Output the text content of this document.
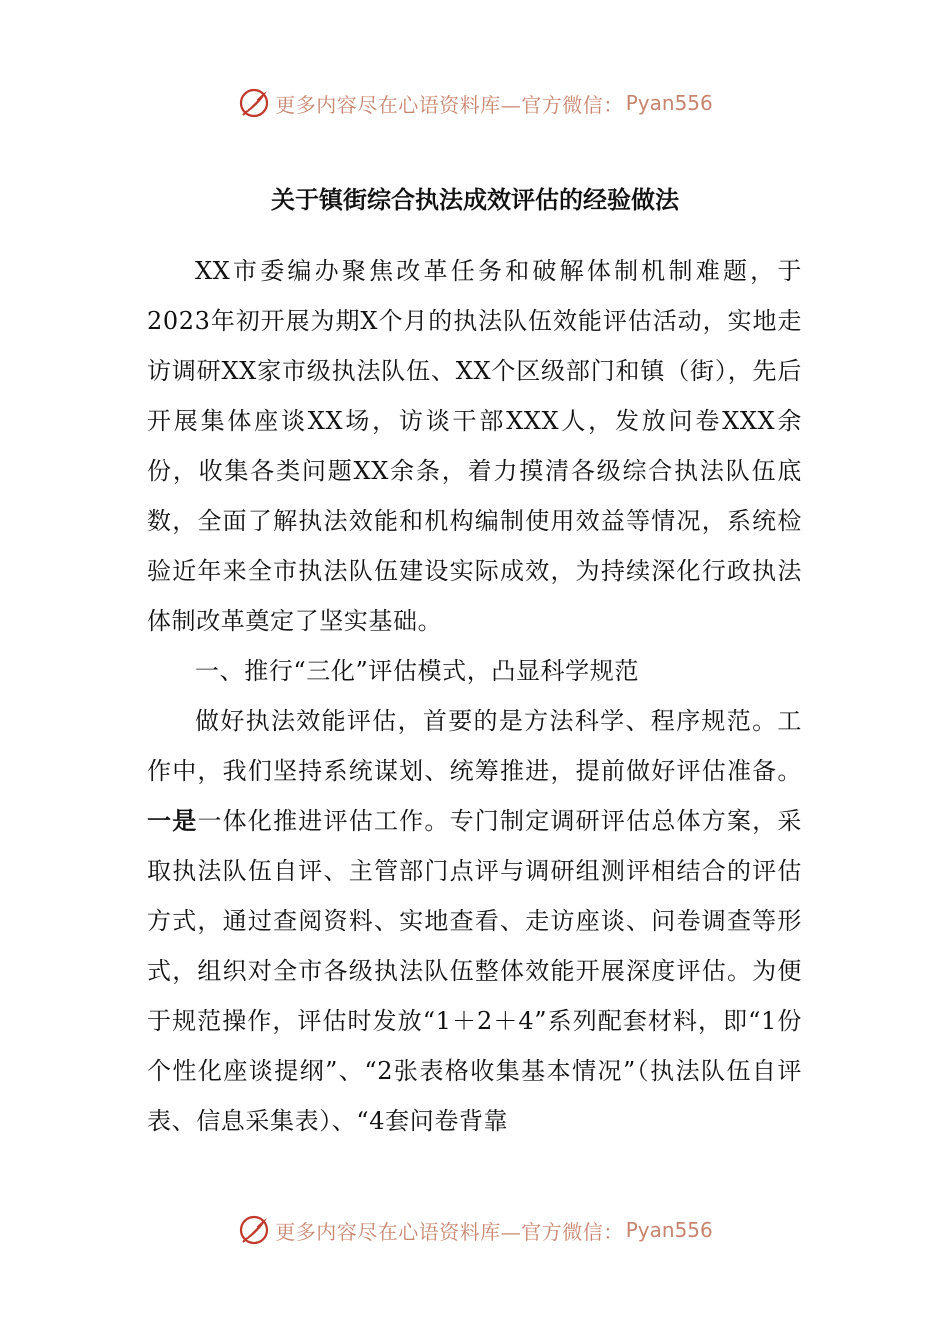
更多内容尽在心语资料库—官方微信： Pyan556
关于镇街综合执法成效评估的经验做法

XX市委编办聚焦改革任务和破解体制机制难题，于2023年初开展为期X个月的执法队伍效能评估活动，实地走访调研XX家市级执法队伍、XX个区级部门和镇（街），先后开展集体座谈XX场，访谈干部XXX人，发放问卷XXX余份，收集各类问题XX余条，着力摸清各级综合执法队伍底数，全面了解执法效能和机构编制使用效益等情况，系统检验近年来全市执法队伍建设实际成效，为持续深化行政执法体制改革奠定了坚实基础。

一、推行“三化”评估模式，凸显科学规范

做好执法效能评估，首要的是方法科学、程序规范。工作中，我们坚持系统谋划、统筹推进，提前做好评估准备。一是一体化推进评估工作。专门制定调研评估总体方案，采取执法队伍自评、主管部门点评与调研组测评相结合的评估方式，通过查阅资料、实地查看、走访座谈、问卷调查等形式，组织对全市各级执法队伍整体效能开展深度评估。为便于规范操作，评估时发放“1＋2＋4”系列配套材料，即“1份个性化座谈提纲”、“2张表格收集基本情况”（执法队伍自评表、信息采集表）、“4套问卷背靠

更多内容尽在心语资料库—官方微信： Pyan556
